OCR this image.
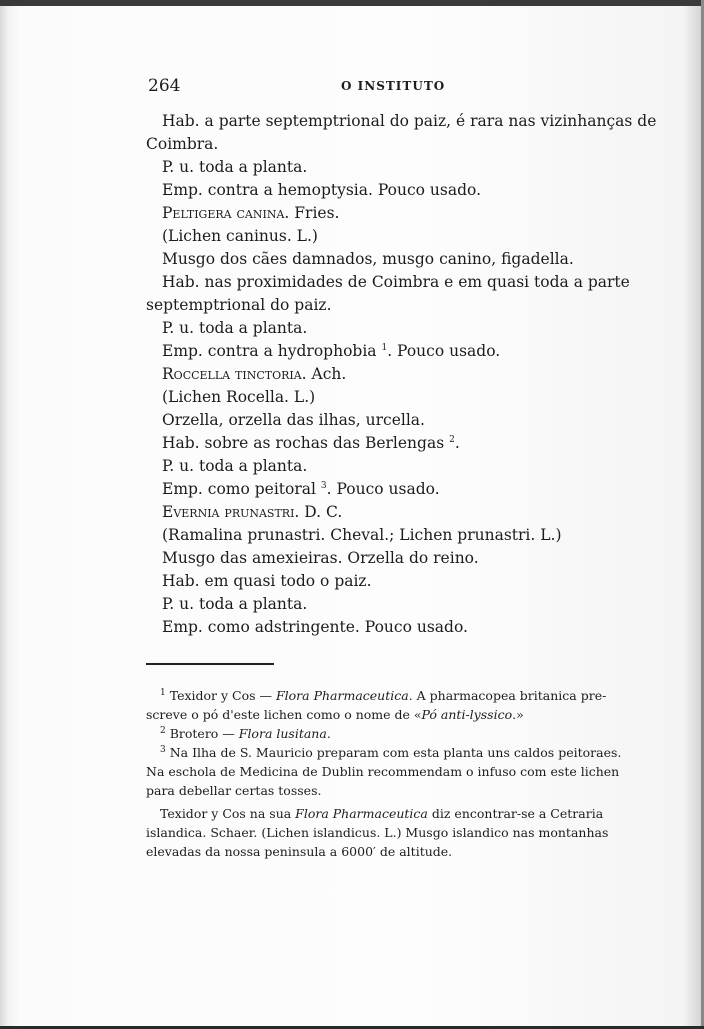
264	O INSTITUTO
Hab. a parte septemptrional do paiz, é rara nas vizinhanças de
Coimbra.
P. u. toda a planta.
Emp. contra a hemoptysia. Pouco usado.
Peltigera canina. Fries.
(Lichen caninus. L.)
Musgo dos cães damnados, musgo canino, figadella.
Hab. nas proximidades de Coimbra e em quasi toda a parte
septemptrional do paiz.
P. u. toda a planta.
Emp. contra a hydrophobia $^1$. Pouco usado.
Roccella tinctoria. Ach.
(Lichen Rocella. L.)
Orzella, orzella das ilhas, urcella.
Hab. sobre as rochas das Berlengas $^2$.
P. u. toda a planta.
Emp. como peitoral $^3$. Pouco usado.
Evernia prunastri. D. C.
(Ramalina prunastri. Cheval.; Lichen prunastri. L.)
Musgo das amexieiras. Orzella do reino.
Hab. em quasi todo o paiz.
P. u. toda a planta.
Emp. como adstringente. Pouco usado.
$^1$ Texidor y Cos — Flora Pharmaceutica. A pharmacopea britanica pre-
screve o pó d'este lichen como o nome de «Pó anti-lyssico.»
$^2$ Brotero — Flora lusitana.
$^3$ Na Ilha de S. Mauricio preparam com esta planta uns caldos peitoraes.
Na eschola de Medicina de Dublin recommendam o infuso com este lichen
para debellar certas tosses.
Texidor y Cos na sua Flora Pharmaceutica diz encontrar-se a Cetraria
islandica. Schaer. (Lichen islandicus. L.) Musgo islandico nas montanhas
elevadas da nossa peninsula a 6000′ de altitude.
